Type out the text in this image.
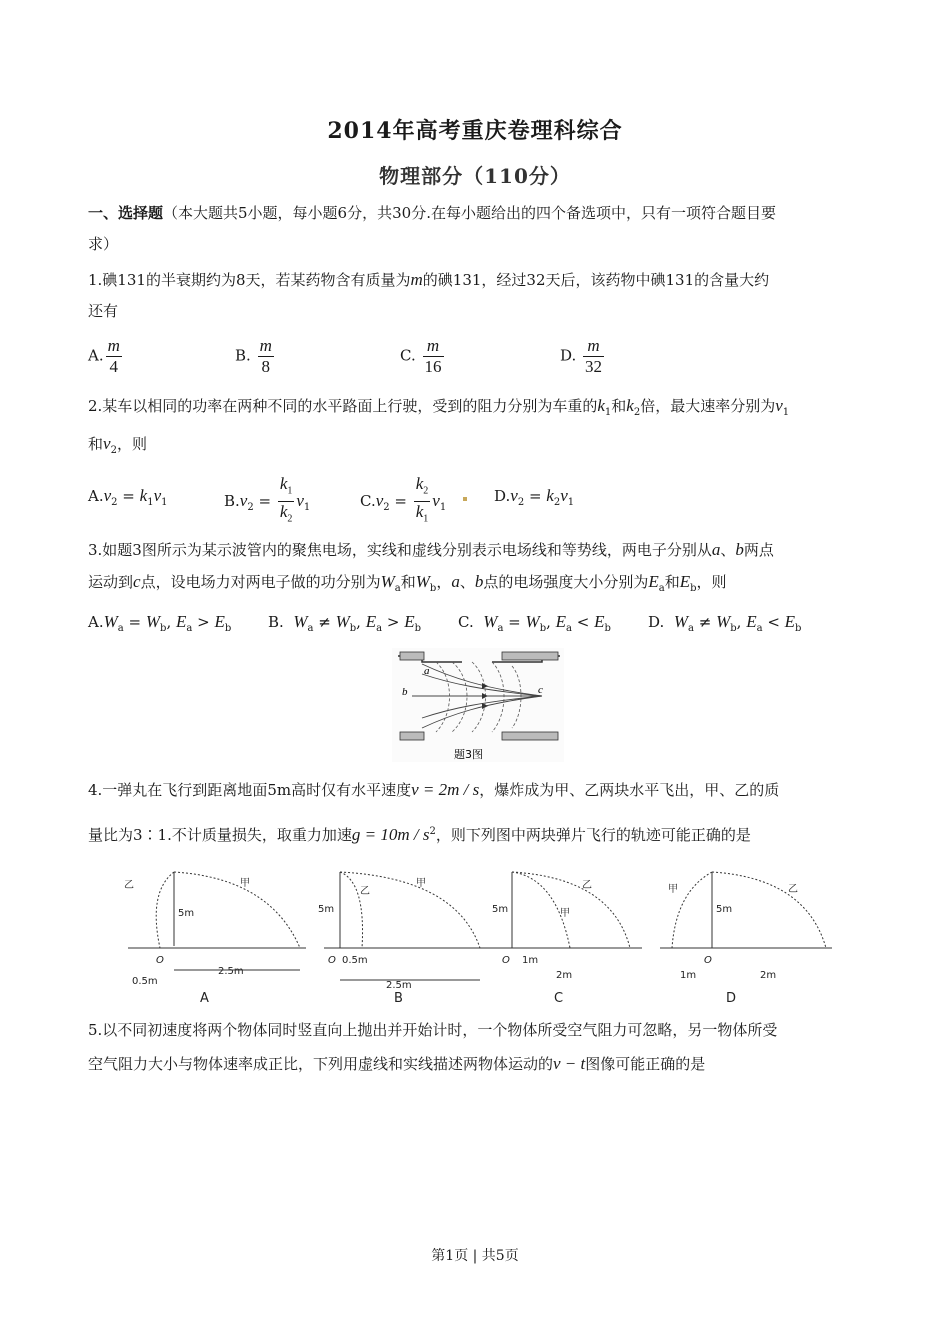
2014年高考重庆卷理科综合
物理部分（110分）
一、选择题（本大题共5小题，每小题6分，共30分.在每小题给出的四个备选项中，只有一项符合题目要
求）
1.碘131的半衰期约为8天，若某药物含有质量为m的碘131，经过32天后，该药物中碘131的含量大约
还有
A. $\frac{m}{4}$	B. $\frac{m}{8}$	C. $\frac{m}{16}$	D. $\frac{m}{32}$
2.某车以相同的功率在两种不同的水平路面上行驶，受到的阻力分别为车重的$k_1$和$k_2$倍，最大速率分别为$v_1$
和$v_2$，则
$A.v_2 = k_1v_1$	$B.v_2 = \frac{k_1}{k_2} v_1$	$C.v_2 = \frac{k_2}{k_1} v_1$
$D.v_2 = k_2v_1$
3.如题3图所示为某示波管内的聚焦电场，实线和虚线分别表示电场线和等势线，两电子分别从a、b两点
运动到c点，设电场力对两电子做的功分别为$W_a$和$W_b$，a、b点的电场强度大小分别为$E_a$和$E_b$，则
$A.W_a = W_b$, $E_a > E_b$ B. $W_a \ne W_b$, $E_a > E_b$ C. $W_a = W_b$, $E_a < E_b$ D. $W_a \ne W_b$, $E_a < E_b$
a
b	c
题3图
4.一弹丸在飞行到距离地面5m高时仅有水平速度v = 2m / s，爆炸成为甲、乙两块水平飞出，甲、乙的质
量比为3∶1.不计质量损失，取重力加速$g = 10m / s^2$，则下列图中两块弹片飞行的轨迹可能正确的是
乙	甲
5m
O
0.5m
2.5m
A
乙
甲
5m
O 0.5m
2.5m
B
乙
甲
5m
O 1m
2m
C
甲	乙
5m
O
1m	2m
D
5.以不同初速度将两个物体同时竖直向上抛出并开始计时，一个物体所受空气阻力可忽略，另一物体所受
空气阻力大小与物体速率成正比，下列用虚线和实线描述两物体运动的v − t图像可能正确的是
第1页 | 共5页
